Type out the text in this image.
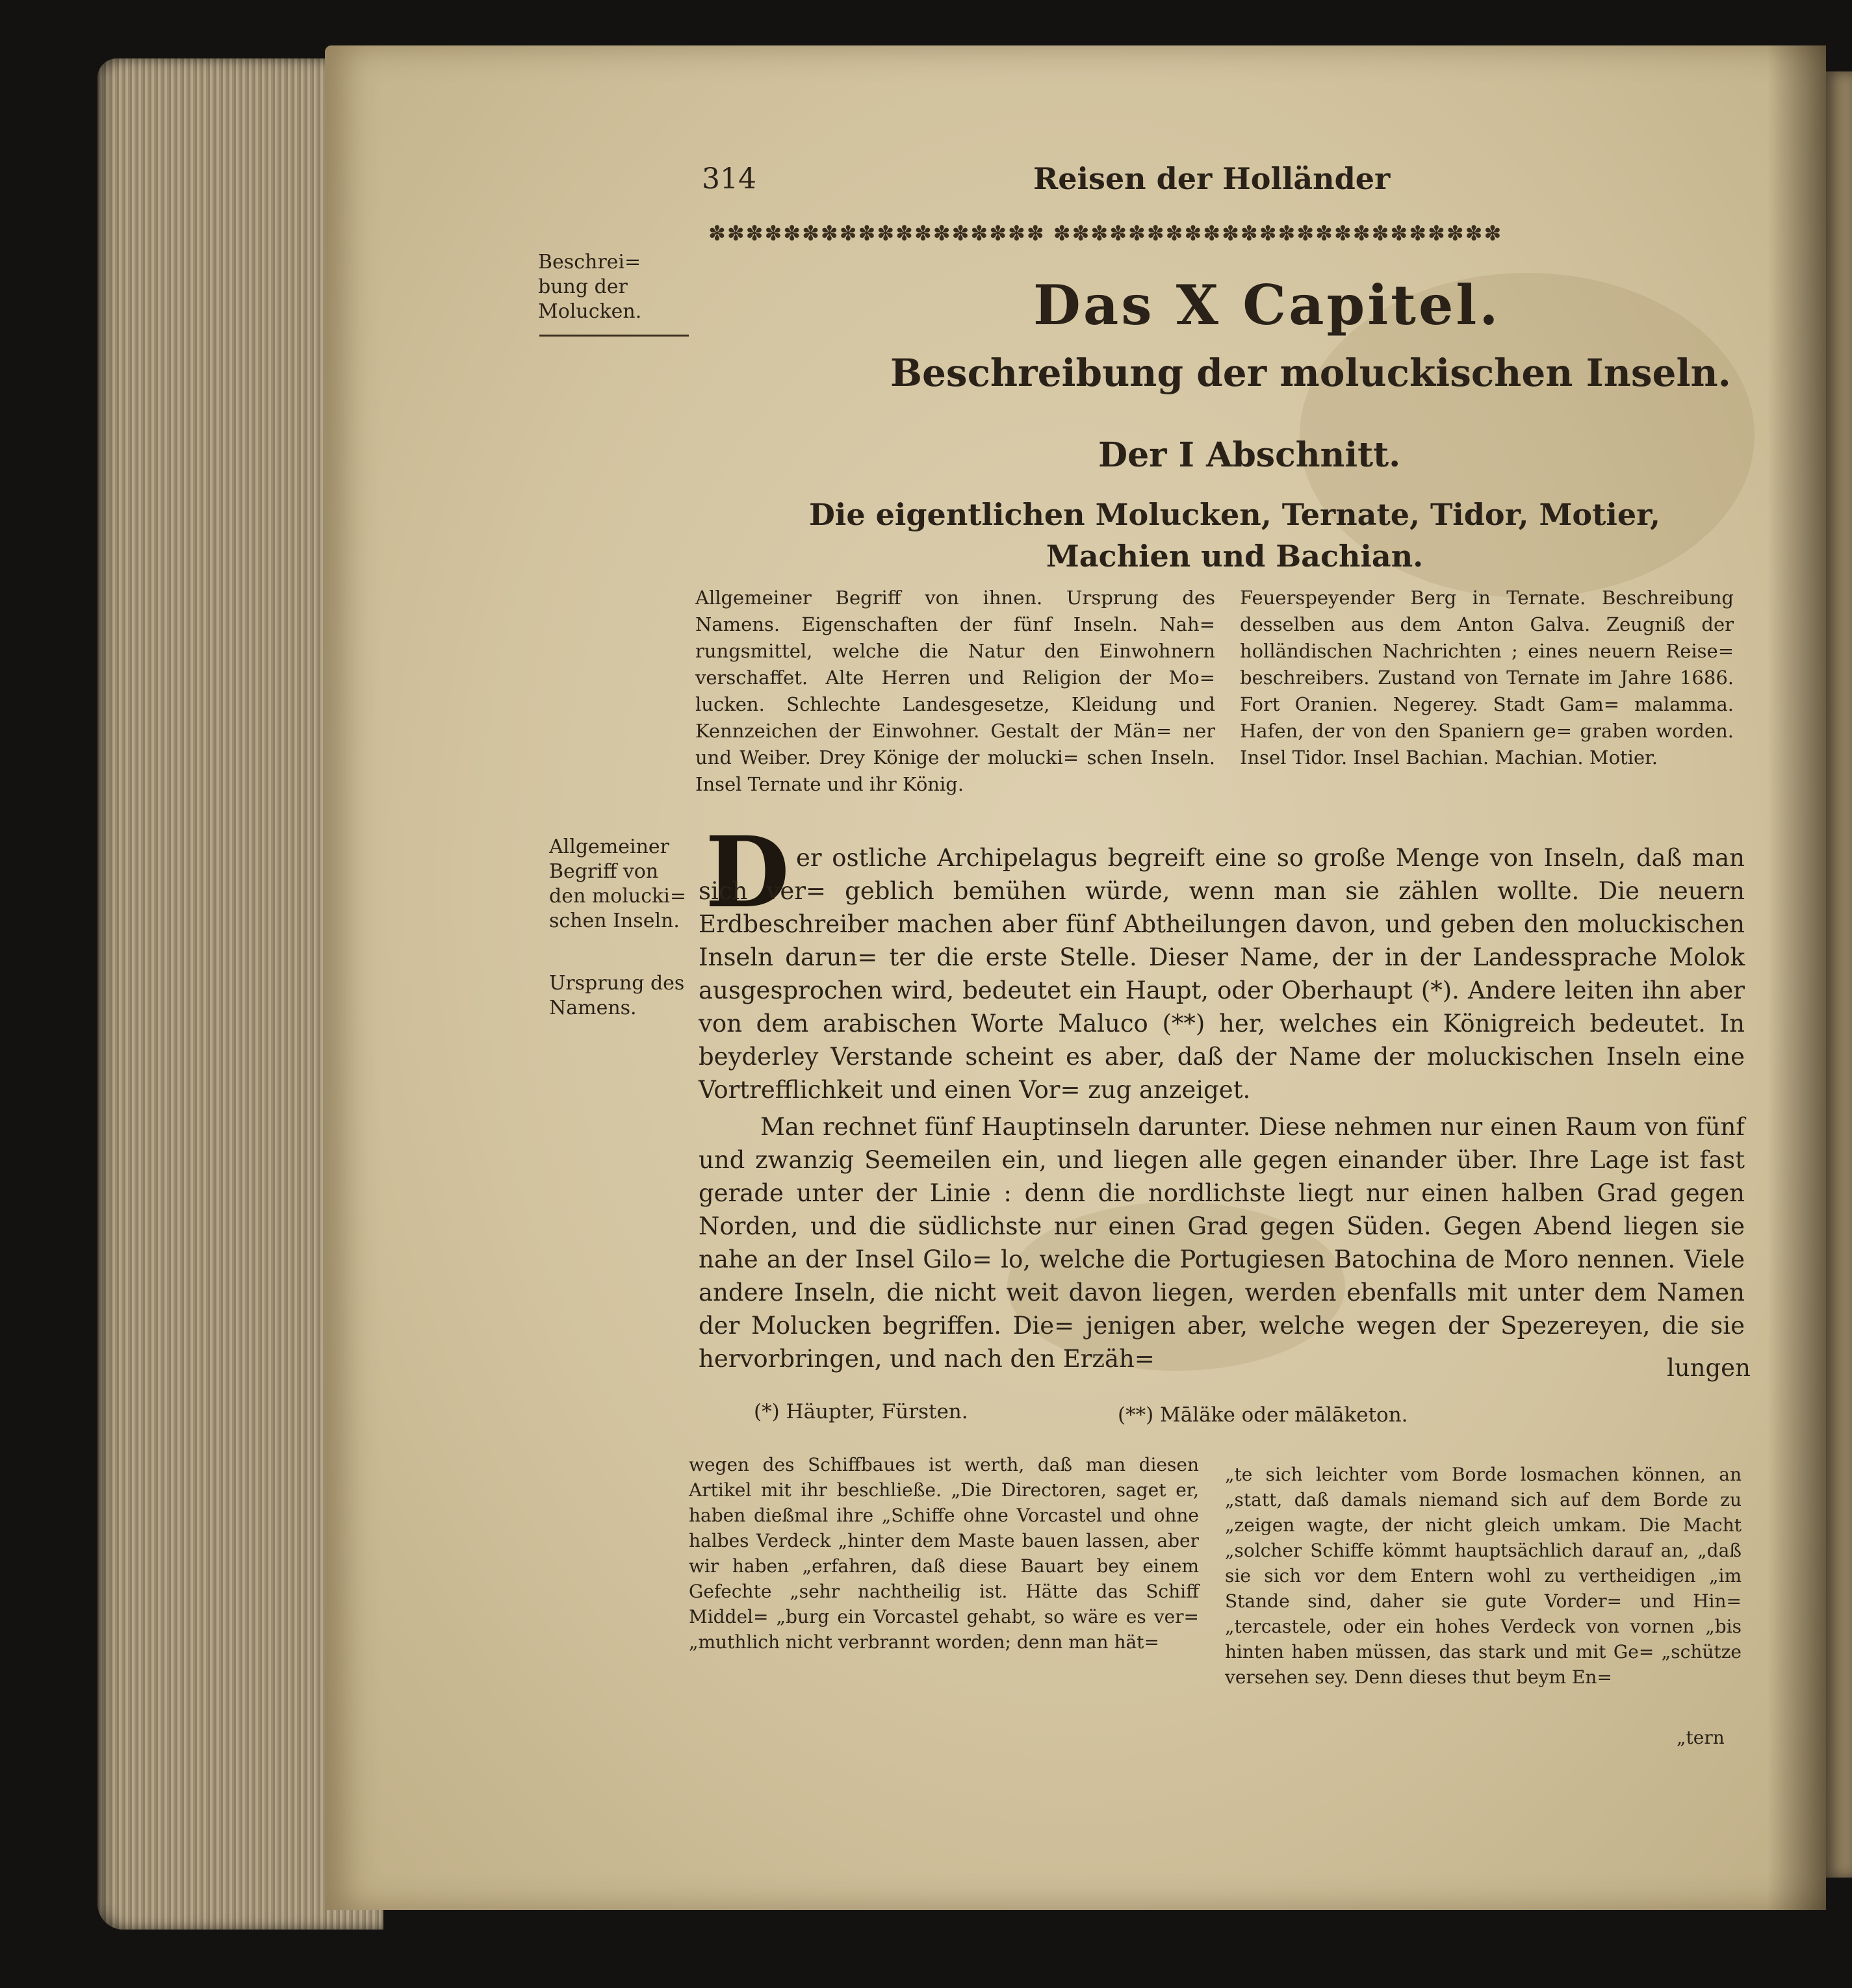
314	Reisen der Holländer
✽✽✽✽✽✽✽✽✽✽✽✽✽✽✽✽✽✽ ✽✽✽✽✽✽✽✽✽✽✽✽✽✽✽✽✽✽✽✽✽✽✽✽
Beschrei= bung der Molucken.	Das X Capitel.
Beschreibung der moluckischen Inseln.
Der I Abschnitt.
Die eigentlichen Molucken, Ternate, Tidor, Motier, Machien und Bachian.
Allgemeiner Begriff von ihnen. Ursprung des Namens. Eigenschaften der fünf Inseln. Nah= rungsmittel, welche die Natur den Einwohnern verschaffet. Alte Herren und Religion der Mo= lucken. Schlechte Landesgesetze, Kleidung und Kennzeichen der Einwohner. Gestalt der Män= ner und Weiber. Drey Könige der molucki= schen Inseln. Insel Ternate und ihr König.
Feuerspeyender Berg in Ternate. Beschreibung desselben aus dem Anton Galva. Zeugniß der holländischen Nachrichten ; eines neuern Reise= beschreibers. Zustand von Ternate im Jahre 1686. Fort Oranien. Negerey. Stadt Gam= malamma. Hafen, der von den Spaniern ge= graben worden. Insel Tidor. Insel Bachian. Machian. Motier.
Allgemeiner Begriff von den molucki= schen Inseln.
Ursprung des Namens.
D er ostliche Archipelagus begreift eine so große Menge von Inseln, daß man sich ver= geblich bemühen würde, wenn man sie zählen wollte. Die neuern Erdbeschreiber machen aber fünf Abtheilungen davon, und geben den moluckischen Inseln darun= ter die erste Stelle. Dieser Name, der in der Landessprache Molok ausgesprochen wird, bedeutet ein Haupt, oder Oberhaupt (*). Andere leiten ihn aber von dem arabischen Worte Maluco (**) her, welches ein Königreich bedeutet. In beyderley Verstande scheint es aber, daß der Name der moluckischen Inseln eine Vortrefflichkeit und einen Vor= zug anzeiget.

Man rechnet fünf Hauptinseln darunter. Diese nehmen nur einen Raum von fünf und zwanzig Seemeilen ein, und liegen alle gegen einander über. Ihre Lage ist fast gerade unter der Linie : denn die nordlichste liegt nur einen halben Grad gegen Norden, und die südlichste nur einen Grad gegen Süden. Gegen Abend liegen sie nahe an der Insel Gilo= lo, welche die Portugiesen Batochina de Moro nennen. Viele andere Inseln, die nicht weit davon liegen, werden ebenfalls mit unter dem Namen der Molucken begriffen. Die= jenigen aber, welche wegen der Spezereyen, die sie hervorbringen, und nach den Erzäh=	lungen
(*) Häupter, Fürsten.	(**) Māläke oder mālāketon.
wegen des Schiffbaues ist werth, daß man diesen Artikel mit ihr beschließe. „Die Directoren, saget er, haben dießmal ihre „Schiffe ohne Vorcastel und ohne halbes Verdeck „hinter dem Maste bauen lassen, aber wir haben „erfahren, daß diese Bauart bey einem Gefechte „sehr nachtheilig ist. Hätte das Schiff Middel= „burg ein Vorcastel gehabt, so wäre es ver= „muthlich nicht verbrannt worden; denn man hät=
„te sich leichter vom Borde losmachen können, an „statt, daß damals niemand sich auf dem Borde zu „zeigen wagte, der nicht gleich umkam. Die Macht „solcher Schiffe kömmt hauptsächlich darauf an, „daß sie sich vor dem Entern wohl zu vertheidigen „im Stande sind, daher sie gute Vorder= und Hin= „tercastele, oder ein hohes Verdeck von vornen „bis hinten haben müssen, das stark und mit Ge= „schütze versehen sey. Denn dieses thut beym En=
„tern
